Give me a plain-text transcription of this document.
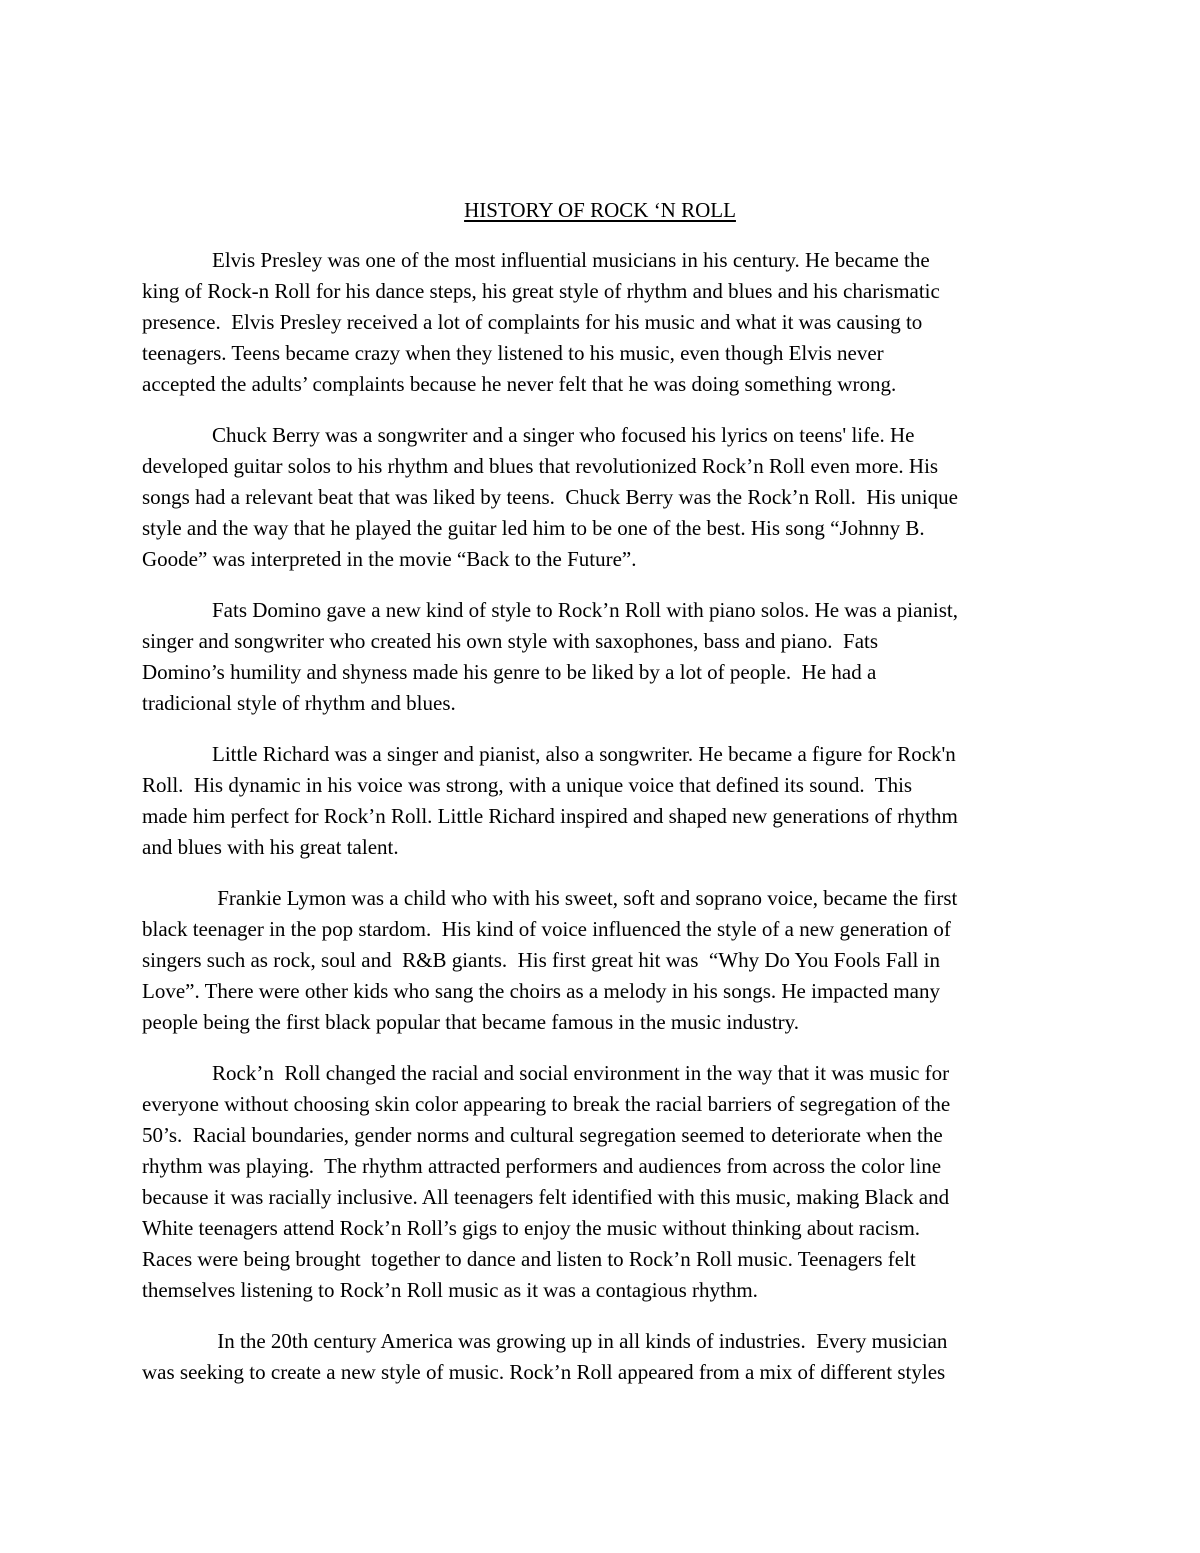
HISTORY OF ROCK ‘N ROLL

Elvis Presley was one of the most influential musicians in his century. He became the
king of Rock-n Roll for his dance steps, his great style of rhythm and blues and his charismatic
presence.  Elvis Presley received a lot of complaints for his music and what it was causing to
teenagers. Teens became crazy when they listened to his music, even though Elvis never
accepted the adults’ complaints because he never felt that he was doing something wrong.

Chuck Berry was a songwriter and a singer who focused his lyrics on teens' life. He
developed guitar solos to his rhythm and blues that revolutionized Rock’n Roll even more. His
songs had a relevant beat that was liked by teens.  Chuck Berry was the Rock’n Roll.  His unique
style and the way that he played the guitar led him to be one of the best. His song “Johnny B.
Goode” was interpreted in the movie “Back to the Future”.

Fats Domino gave a new kind of style to Rock’n Roll with piano solos. He was a pianist,
singer and songwriter who created his own style with saxophones, bass and piano.  Fats
Domino’s humility and shyness made his genre to be liked by a lot of people.  He had a
tradicional style of rhythm and blues.

Little Richard was a singer and pianist, also a songwriter. He became a figure for Rock'n
Roll.  His dynamic in his voice was strong, with a unique voice that defined its sound.  This
made him perfect for Rock’n Roll. Little Richard inspired and shaped new generations of rhythm
and blues with his great talent.

Frankie Lymon was a child who with his sweet, soft and soprano voice, became the first
black teenager in the pop stardom.  His kind of voice influenced the style of a new generation of
singers such as rock, soul and  R&B giants.  His first great hit was  “Why Do You Fools Fall in
Love”. There were other kids who sang the choirs as a melody in his songs. He impacted many
people being the first black popular that became famous in the music industry.

Rock’n  Roll changed the racial and social environment in the way that it was music for
everyone without choosing skin color appearing to break the racial barriers of segregation of the
50’s.  Racial boundaries, gender norms and cultural segregation seemed to deteriorate when the
rhythm was playing.  The rhythm attracted performers and audiences from across the color line
because it was racially inclusive. All teenagers felt identified with this music, making Black and
White teenagers attend Rock’n Roll’s gigs to enjoy the music without thinking about racism.
Races were being brought  together to dance and listen to Rock’n Roll music. Teenagers felt
themselves listening to Rock’n Roll music as it was a contagious rhythm.

In the 20th century America was growing up in all kinds of industries.  Every musician
was seeking to create a new style of music. Rock’n Roll appeared from a mix of different styles
